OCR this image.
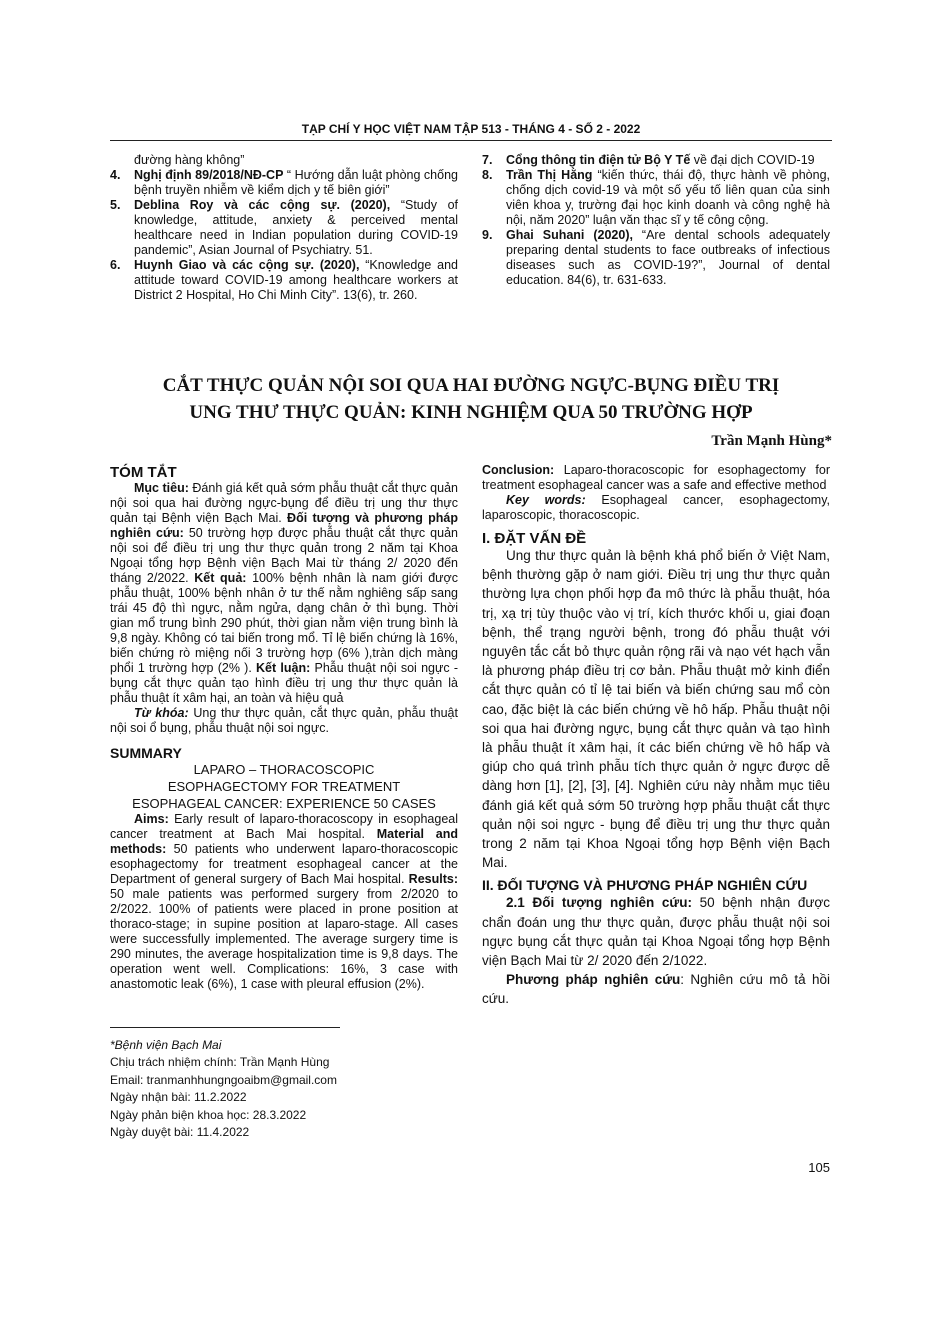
TẠP CHÍ Y HỌC VIỆT NAM TẬP 513 - THÁNG 4 - SỐ 2 - 2022

đường hàng không”

4. Nghị định 89/2018/NĐ-CP “ Hướng dẫn luật phòng chống bệnh truyền nhiễm về kiểm dịch y tế biên giới”

5. Deblina Roy và các cộng sự. (2020), “Study of knowledge, attitude, anxiety & perceived mental healthcare need in Indian population during COVID-19 pandemic”, Asian Journal of Psychiatry. 51.

6. Huynh Giao và các cộng sự. (2020), “Knowledge and attitude toward COVID-19 among healthcare workers at District 2 Hospital, Ho Chi Minh City”. 13(6), tr. 260.

7. Cổng thông tin điện tử Bộ Y Tế về đại dịch COVID-19

8. Trần Thị Hằng “kiến thức, thái độ, thực hành về phòng, chống dịch covid-19 và một số yếu tố liên quan của sinh viên khoa y, trường đại học kinh doanh và công nghệ hà nội, năm 2020” luận văn thạc sĩ y tế công cộng.

9. Ghai Suhani (2020), “Are dental schools adequately preparing dental students to face outbreaks of infectious diseases such as COVID-19?”, Journal of dental education. 84(6), tr. 631-633.

CẮT THỰC QUẢN NỘI SOI QUA HAI ĐƯỜNG NGỰC-BỤNG ĐIỀU TRỊ
UNG THƯ THỰC QUẢN: KINH NGHIỆM QUA 50 TRƯỜNG HỢP
Trần Mạnh Hùng*
TÓM TẮT

Mục tiêu: Đánh giá kết quả sớm phẫu thuật cắt thực quản nội soi qua hai đường ngực-bụng để điều trị ung thư thực quản tại Bệnh viện Bạch Mai. Đối tượng và phương pháp nghiên cứu: 50 trường hợp được phẫu thuật cắt thực quản nội soi để điều trị ung thư thực quản trong 2 năm tại Khoa Ngoại tổng hợp Bệnh viện Bạch Mai từ tháng 2/ 2020 đến tháng 2/2022. Kết quả: 100% bệnh nhân là nam giới được phẫu thuật, 100% bệnh nhân ở tư thế nằm nghiêng sấp sang trái 45 độ thì ngực, nằm ngửa, dạng chân ở thì bụng. Thời gian mổ trung bình 290 phút, thời gian nằm viện trung bình là 9,8 ngày. Không có tai biến trong mổ. Tỉ lệ biến chứng là 16%, biến chứng rò miệng nối 3 trường hợp (6% ),tràn dịch màng phổi 1 trường hợp (2% ). Kết luận: Phẫu thuật nội soi ngực - bụng cắt thực quản tạo hình điều trị ung thư thực quản là phẫu thuật ít xâm hại, an toàn và hiệu quả

Từ khóa: Ung thư thực quản, cắt thực quản, phẫu thuật nội soi ổ bụng, phẫu thuật nội soi ngực.

SUMMARY
LAPARO – THORACOSCOPIC
ESOPHAGECTOMY FOR TREATMENT
ESOPHAGEAL CANCER: EXPERIENCE 50 CASES

Aims: Early result of laparo-thoracoscopy in esophageal cancer treatment at Bach Mai hospital. Material and methods: 50 patients who underwent laparo-thoracoscopic esophagectomy for treatment esophageal cancer at the Department of general surgery of Bach Mai hospital. Results: 50 male patients was performed surgery from 2/2020 to 2/2022. 100% of patients were placed in prone position at thoraco-stage; in supine position at laparo-stage. All cases were successfully implemented. The average surgery time is 290 minutes, the average hospitalization time is 9,8 days. The operation went well. Complications: 16%, 3 case with anastomotic leak (6%), 1 case with pleural effusion (2%).

Conclusion: Laparo-thoracoscopic for esophagectomy for treatment esophageal cancer was a safe and effective method

Key words: Esophageal cancer, esophagectomy, laparoscopic, thoracoscopic.

I. ĐẶT VẤN ĐỀ

Ung thư thực quản là bệnh khá phổ biến ở Việt Nam, bệnh thường gặp ở nam giới. Điều trị ung thư thực quản thường lựa chọn phối hợp đa mô thức là phẫu thuật, hóa trị, xạ trị tùy thuộc vào vị trí, kích thước khối u, giai đoạn bệnh, thể trạng người bệnh, trong đó phẫu thuật với nguyên tắc cắt bỏ thực quản rộng rãi và nạo vét hạch vẫn là phương pháp điều trị cơ bản. Phẫu thuật mở kinh điển cắt thực quản có tỉ lệ tai biến và biến chứng sau mổ còn cao, đặc biệt là các biến chứng về hô hấp. Phẫu thuật nội soi qua hai đường ngực, bụng cắt thực quản và tạo hình là phẫu thuật ít xâm hại, ít các biến chứng về hô hấp và giúp cho quá trình phẫu tích thực quản ở ngực được dễ dàng hơn [1], [2], [3], [4]. Nghiên cứu này nhằm mục tiêu đánh giá kết quả sớm 50 trường hợp phẫu thuật cắt thực quản nội soi ngực - bụng để điều trị ung thư thực quản trong 2 năm tại Khoa Ngoại tổng hợp Bệnh viện Bạch Mai.

II. ĐỐI TƯỢNG VÀ PHƯƠNG PHÁP NGHIÊN CỨU

2.1 Đối tượng nghiên cứu: 50 bệnh nhận được chẩn đoán ung thư thực quản, được phẫu thuật nội soi ngực bụng cắt thực quản tại Khoa Ngoại tổng hợp Bệnh viện Bạch Mai từ 2/ 2020 đến 2/1022.

Phương pháp nghiên cứu: Nghiên cứu mô tả hồi cứu.

*Bệnh viện Bạch Mai

Chịu trách nhiệm chính: Trần Mạnh Hùng

Email: tranmanhhungngoaibm@gmail.com

Ngày nhận bài: 11.2.2022

Ngày phản biện khoa học: 28.3.2022

Ngày duyệt bài: 11.4.2022

105
